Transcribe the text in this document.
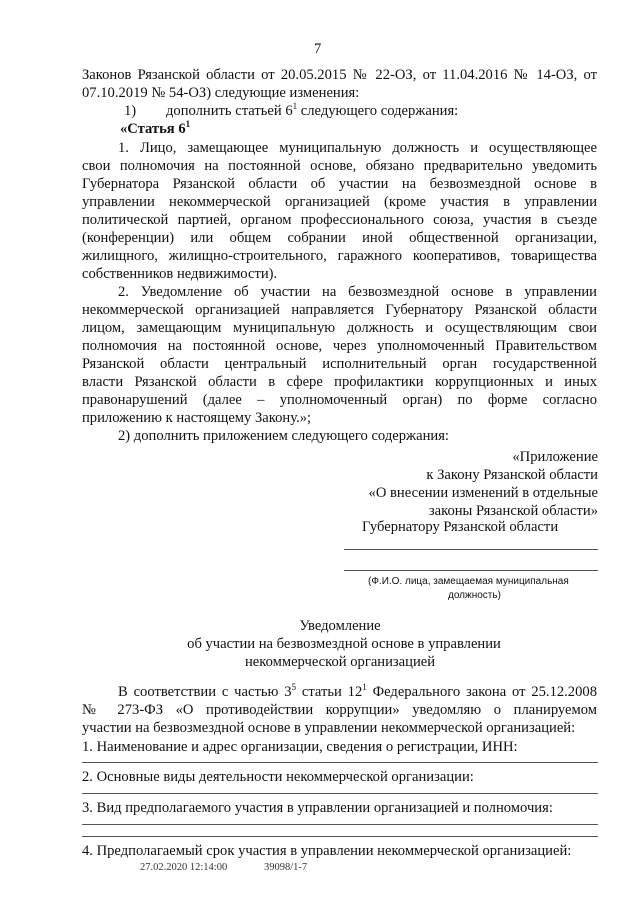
7
Законов Рязанской области от 20.05.2015 № 22-ОЗ, от 11.04.2016 № 14-ОЗ, от
07.10.2019 № 54-ОЗ) следующие изменения:
1) дополнить статьей $6^1$ следующего содержания:
«Статья $6^1$
1. Лицо, замещающее муниципальную должность и осуществляющее
свои полномочия на постоянной основе, обязано предварительно уведомить
Губернатора Рязанской области об участии на безвозмездной основе в
управлении некоммерческой организацией (кроме участия в управлении
политической партией, органом профессионального союза, участия в съезде
(конференции) или общем собрании иной общественной организации,
жилищного, жилищно-строительного, гаражного кооперативов, товарищества
собственников недвижимости).
2. Уведомление об участии на безвозмездной основе в управлении
некоммерческой организацией направляется Губернатору Рязанской области
лицом, замещающим муниципальную должность и осуществляющим свои
полномочия на постоянной основе, через уполномоченный Правительством
Рязанской области центральный исполнительный орган государственной
власти Рязанской области в сфере профилактики коррупционных и иных
правонарушений (далее – уполномоченный орган) по форме согласно
приложению к настоящему Закону.»;
2) дополнить приложением следующего содержания:
«Приложение
к Закону Рязанской области
«О внесении изменений в отдельные
законы Рязанской области»
Губернатору Рязанской области
(Ф.И.О. лица, замещаемая муниципальная
должность)
Уведомление
об участии на безвозмездной основе в управлении
некоммерческой организацией
В соответствии с частью $3^5$ статьи $12^1$ Федерального закона от 25.12.2008
№ 273-ФЗ «О противодействии коррупции» уведомляю о планируемом
участии на безвозмездной основе в управлении некоммерческой организацией:
1. Наименование и адрес организации, сведения о регистрации, ИНН:
2. Основные виды деятельности некоммерческой организации:
3. Вид предполагаемого участия в управлении организацией и полномочия:
4. Предполагаемый срок участия в управлении некоммерческой организацией:
27.02.2020 12:14:00	39098/1-7
